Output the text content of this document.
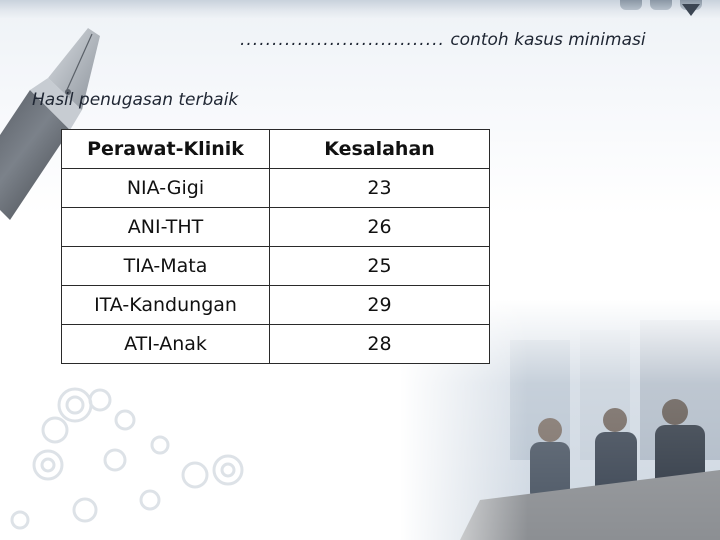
................................ contoh kasus minimasi
Hasil penugasan terbaik
Perawat-Klinik	Kesalahan
NIA-Gigi	23
ANI-THT	26
TIA-Mata	25
ITA-Kandungan	29
ATI-Anak	28
